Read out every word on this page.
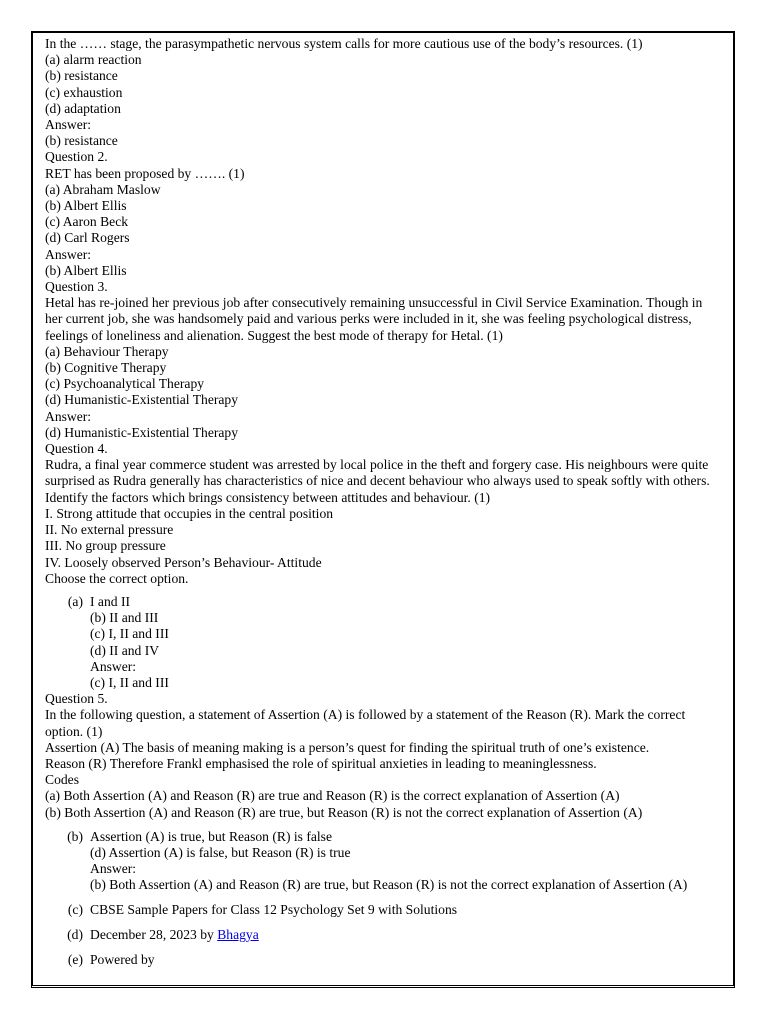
In the …… stage, the parasympathetic nervous system calls for more cautious use of the body’s resources. (1)
(a) alarm reaction
(b) resistance
(c) exhaustion
(d) adaptation
Answer:
(b) resistance
Question 2.
RET has been proposed by ……. (1)
(a) Abraham Maslow
(b) Albert Ellis
(c) Aaron Beck
(d) Carl Rogers
Answer:
(b) Albert Ellis
Question 3.
Hetal has re-joined her previous job after consecutively remaining unsuccessful in Civil Service Examination. Though in her current job, she was handsomely paid and various perks were included in it, she was feeling psychological distress, feelings of loneliness and alienation. Suggest the best mode of therapy for Hetal. (1)
(a) Behaviour Therapy
(b) Cognitive Therapy
(c) Psychoanalytical Therapy
(d) Humanistic-Existential Therapy
Answer:
(d) Humanistic-Existential Therapy
Question 4.
Rudra, a final year commerce student was arrested by local police in the theft and forgery case. His neighbours were quite surprised as Rudra generally has characteristics of nice and decent behaviour who always used to speak softly with others. Identify the factors which brings consistency between attitudes and behaviour. (1)
I. Strong attitude that occupies in the central position
II. No external pressure
III. No group pressure
IV. Loosely observed Person’s Behaviour- Attitude
Choose the correct option.
(a) I and II
(b) II and III
(c) I, II and III
(d) II and IV
Answer:
(c) I, II and III
Question 5.
In the following question, a statement of Assertion (A) is followed by a statement of the Reason (R). Mark the correct option. (1)
Assertion (A) The basis of meaning making is a person’s quest for finding the spiritual truth of one’s existence.
Reason (R) Therefore Frankl emphasised the role of spiritual anxieties in leading to meaninglessness.
Codes
(a) Both Assertion (A) and Reason (R) are true and Reason (R) is the correct explanation of Assertion (A)
(b) Both Assertion (A) and Reason (R) are true, but Reason (R) is not the correct explanation of Assertion (A)
(b) Assertion (A) is true, but Reason (R) is false
(d) Assertion (A) is false, but Reason (R) is true
Answer:
(b) Both Assertion (A) and Reason (R) are true, but Reason (R) is not the correct explanation of Assertion (A)
(c) CBSE Sample Papers for Class 12 Psychology Set 9 with Solutions
(d) December 28, 2023 by Bhagya
(e) Powered by
